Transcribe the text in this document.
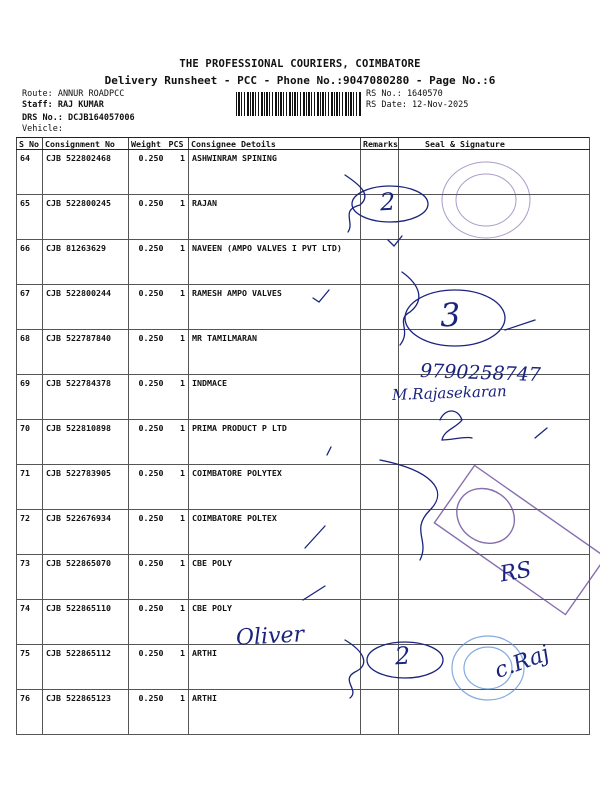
THE PROFESSIONAL COURIERS, COIMBATORE
Delivery Runsheet - PCC - Phone No.:9047080280 - Page No.:6
Route: ANNUR ROADPCC
Staff: RAJ KUMAR
DRS No.: DCJB164057006
Vehicle:
RS No.: 1640570
RS Date: 12-Nov-2025
S No	Consignment No	Weight	PCS	Consignee Detoils	Remarks	Seal & Signature
64	CJB 522802468	0.250	1	ASHWINRAM SPINING		
65	CJB 522800245	0.250	1	RAJAN		
66	CJB 81263629	0.250	1	NAVEEN (AMPO VALVES I PVT LTD)		
67	CJB 522800244	0.250	1	RAMESH AMPO VALVES		
68	CJB 522787840	0.250	1	MR TAMILMARAN		
69	CJB 522784378	0.250	1	INDMACE		
70	CJB 522810898	0.250	1	PRIMA PRODUCT P LTD		
71	CJB 522783905	0.250	1	COIMBATORE POLYTEX		
72	CJB 522676934	0.250	1	COIMBATORE POLTEX		
73	CJB 522865070	0.250	1	CBE POLY		
74	CJB 522865110	0.250	1	CBE POLY		
75	CJB 522865112	0.250	1	ARTHI		
76	CJB 522865123	0.250	1	ARTHI		
2
3
9790258747
M.Rajasekaran
RS
Oliver
2	c.Raj
